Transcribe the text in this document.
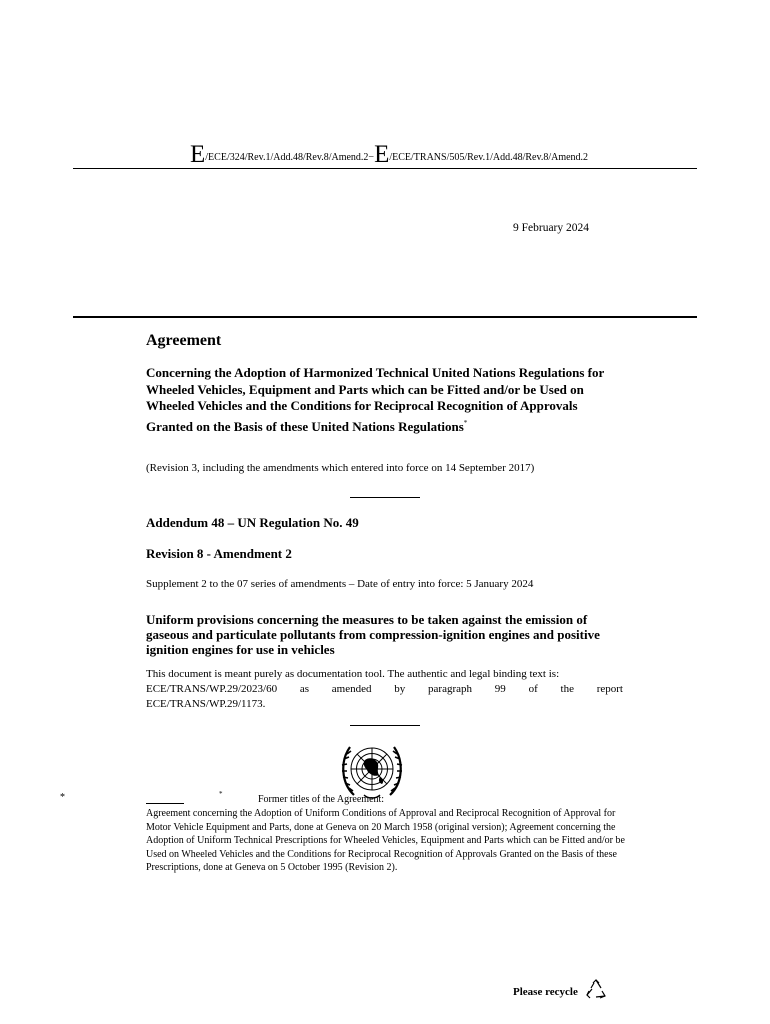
E/ECE/324/Rev.1/Add.48/Rev.8/Amend.2−E/ECE/TRANS/505/Rev.1/Add.48/Rev.8/Amend.2
9 February 2024
Agreement
Concerning the Adoption of Harmonized Technical United Nations Regulations for Wheeled Vehicles, Equipment and Parts which can be Fitted and/or be Used on Wheeled Vehicles and the Conditions for Reciprocal Recognition of Approvals Granted on the Basis of these United Nations Regulations*
(Revision 3, including the amendments which entered into force on 14 September 2017)
Addendum 48 – UN Regulation No. 49
Revision 8 - Amendment 2
Supplement 2 to the 07 series of amendments – Date of entry into force: 5 January 2024
Uniform provisions concerning the measures to be taken against the emission of gaseous and particulate pollutants from compression-ignition engines and positive ignition engines for use in vehicles
This document is meant purely as documentation tool. The authentic and legal binding text is:
ECE/TRANS/WP.29/2023/60 as amended by paragraph 99 of the report
ECE/TRANS/WP.29/1173.
*	*	Former titles of the Agreement:
Agreement concerning the Adoption of Uniform Conditions of Approval and Reciprocal Recognition of Approval for Motor Vehicle Equipment and Parts, done at Geneva on 20 March 1958 (original version); Agreement concerning the Adoption of Uniform Technical Prescriptions for Wheeled Vehicles, Equipment and Parts which can be Fitted and/or be Used on Wheeled Vehicles and the Conditions for Reciprocal Recognition of Approvals Granted on the Basis of these Prescriptions, done at Geneva on 5 October 1995 (Revision 2).
Please recycle
